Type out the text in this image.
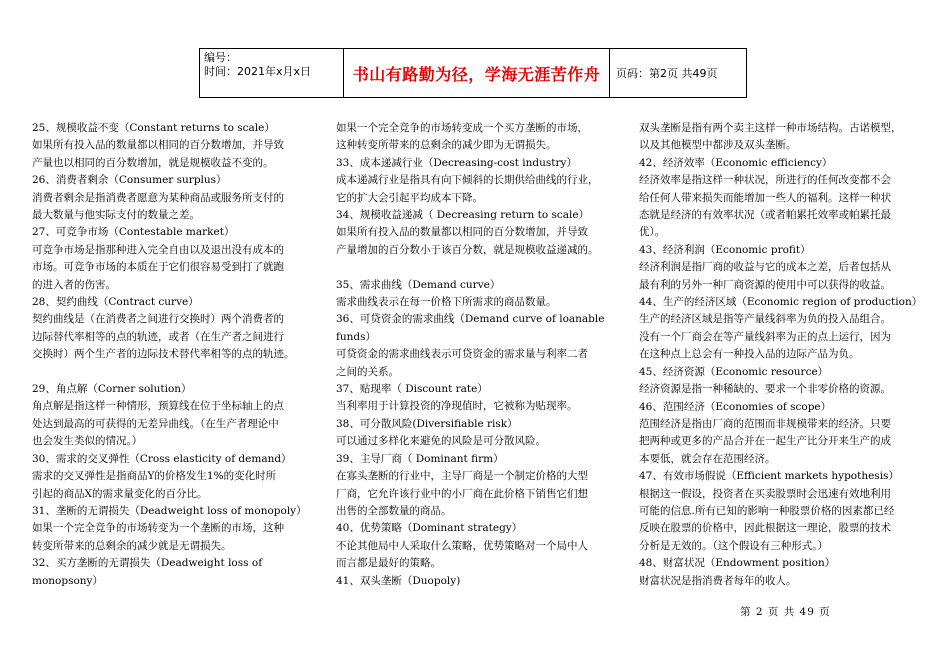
编号：
时间：2021年x月x日	书山有路勤为径，学海无涯苦作舟	页码：第2页 共49页

25、规模收益不变（Constant returns to scale）

如果所有投入品的数量都以相同的百分数增加，并导致

产量也以相同的百分数增加，就是规模收益不变的。

26、消费者剩余（Consumer surplus）

消费者剩余是指消费者愿意为某种商品或服务所支付的

最大数量与他实际支付的数量之差。

27、可竞争市场（Contestable market）

可竞争市场是指那种进入完全自由以及退出没有成本的

市场。可竞争市场的本质在于它们很容易受到打了就跑

的进入者的伤害。

28、契约曲线（Contract curve）

契约曲线是（在消费者之间进行交换时）两个消费者的

边际替代率相等的点的轨迹，或者（在生产者之间进行

交换时）两个生产者的边际技术替代率相等的点的轨迹。

29、角点解（Corner solution）

角点解是指这样一种情形，预算线在位于坐标轴上的点

处达到最高的可获得的无差异曲线。（在生产者理论中

也会发生类似的情况。）

30、需求的交叉弹性（Cross elasticity of demand）

需求的交叉弹性是指商品Y的价格发生1%的变化时所

引起的商品X的需求量变化的百分比。

31、垄断的无谓损失（Deadweight loss of monopoly）

如果一个完全竞争的市场转变为一个垄断的市场，这种

转变所带来的总剩余的减少就是无谓损失。

32、买方垄断的无谓损失（Deadweight loss of

monopsony）

如果一个完全竞争的市场转变成一个买方垄断的市场，

这种转变所带来的总剩余的减少即为无谓损失。

33、成本递减行业（Decreasing-cost industry）

成本递减行业是指具有向下倾斜的长期供给曲线的行业，

它的扩大会引起平均成本下降。

34、规模收益递减（ Decreasing return to scale）

如果所有投入品的数量都以相同的百分数增加，并导致

产量增加的百分数小于该百分数，就是规模收益递减的。

35、需求曲线（Demand curve）

需求曲线表示在每一价格下所需求的商品数量。

36、可贷资金的需求曲线（Demand curve of loanable

funds）

可贷资金的需求曲线表示可贷资金的需求量与利率二者

之间的关系。

37、贴现率（ Discount rate）

当利率用于计算投资的净现值时，它被称为贴现率。

38、可分散风险(Diversifiable risk）

可以通过多样化来避免的风险是可分散风险。

39、主导厂商（ Dominant firm）

在寡头垄断的行业中，主导厂商是一个制定价格的大型

厂商，它允许该行业中的小厂商在此价格下销售它们想

出售的全部数量的商品。

40、优势策略（Dominant strategy）

不论其他局中人采取什么策略，优势策略对一个局中人

而言都是最好的策略。

41、双头垄断（Duopoly)

双头垄断是指有两个卖主这样一种市场结构。古诺模型，

以及其他模型中都涉及双头垄断。

42、经济效率（Economic efficiency）

经济效率是指这样一种状况，所进行的任何改变都不会

给任何人带来损失而能增加一些人的福利。这样一种状

态就是经济的有效率状况（或者帕累托效率或帕累托最

优）。

43、经济利润（Economic profit）

经济利润是指厂商的收益与它的成本之差，后者包括从

最有利的另外一种厂商资源的使用中可以获得的收益。

44、生产的经济区域（Economic region of production）

生产的经济区域是指等产量线斜率为负的投入品组合。

没有一个厂商会在等产量线斜率为正的点上运行，因为

在这种点上总会有一种投入品的边际产品为负。

45、经济资源（Economic resource）

经济资源是指一种稀缺的、要求一个非零价格的资源。

46、范围经济（Economies of scope）

范围经济是指由厂商的范围而非规模带来的经济。只要

把两种或更多的产品合并在一起生产比分开来生产的成

本要低，就会存在范围经济。

47、有效市场假说（Efficient markets hypothesis）

根据这一假设，投资者在买卖股票时会迅速有效地利用

可能的信息.所有已知的影响一种股票价格的因素都已经

反映在股票的价格中，因此根据这一理论，股票的技术

分析是无效的。（这个假设有三种形式。）

48、财富状况（Endowment position）

财富状况是指消费者每年的收人。

第 2 页 共 49 页
